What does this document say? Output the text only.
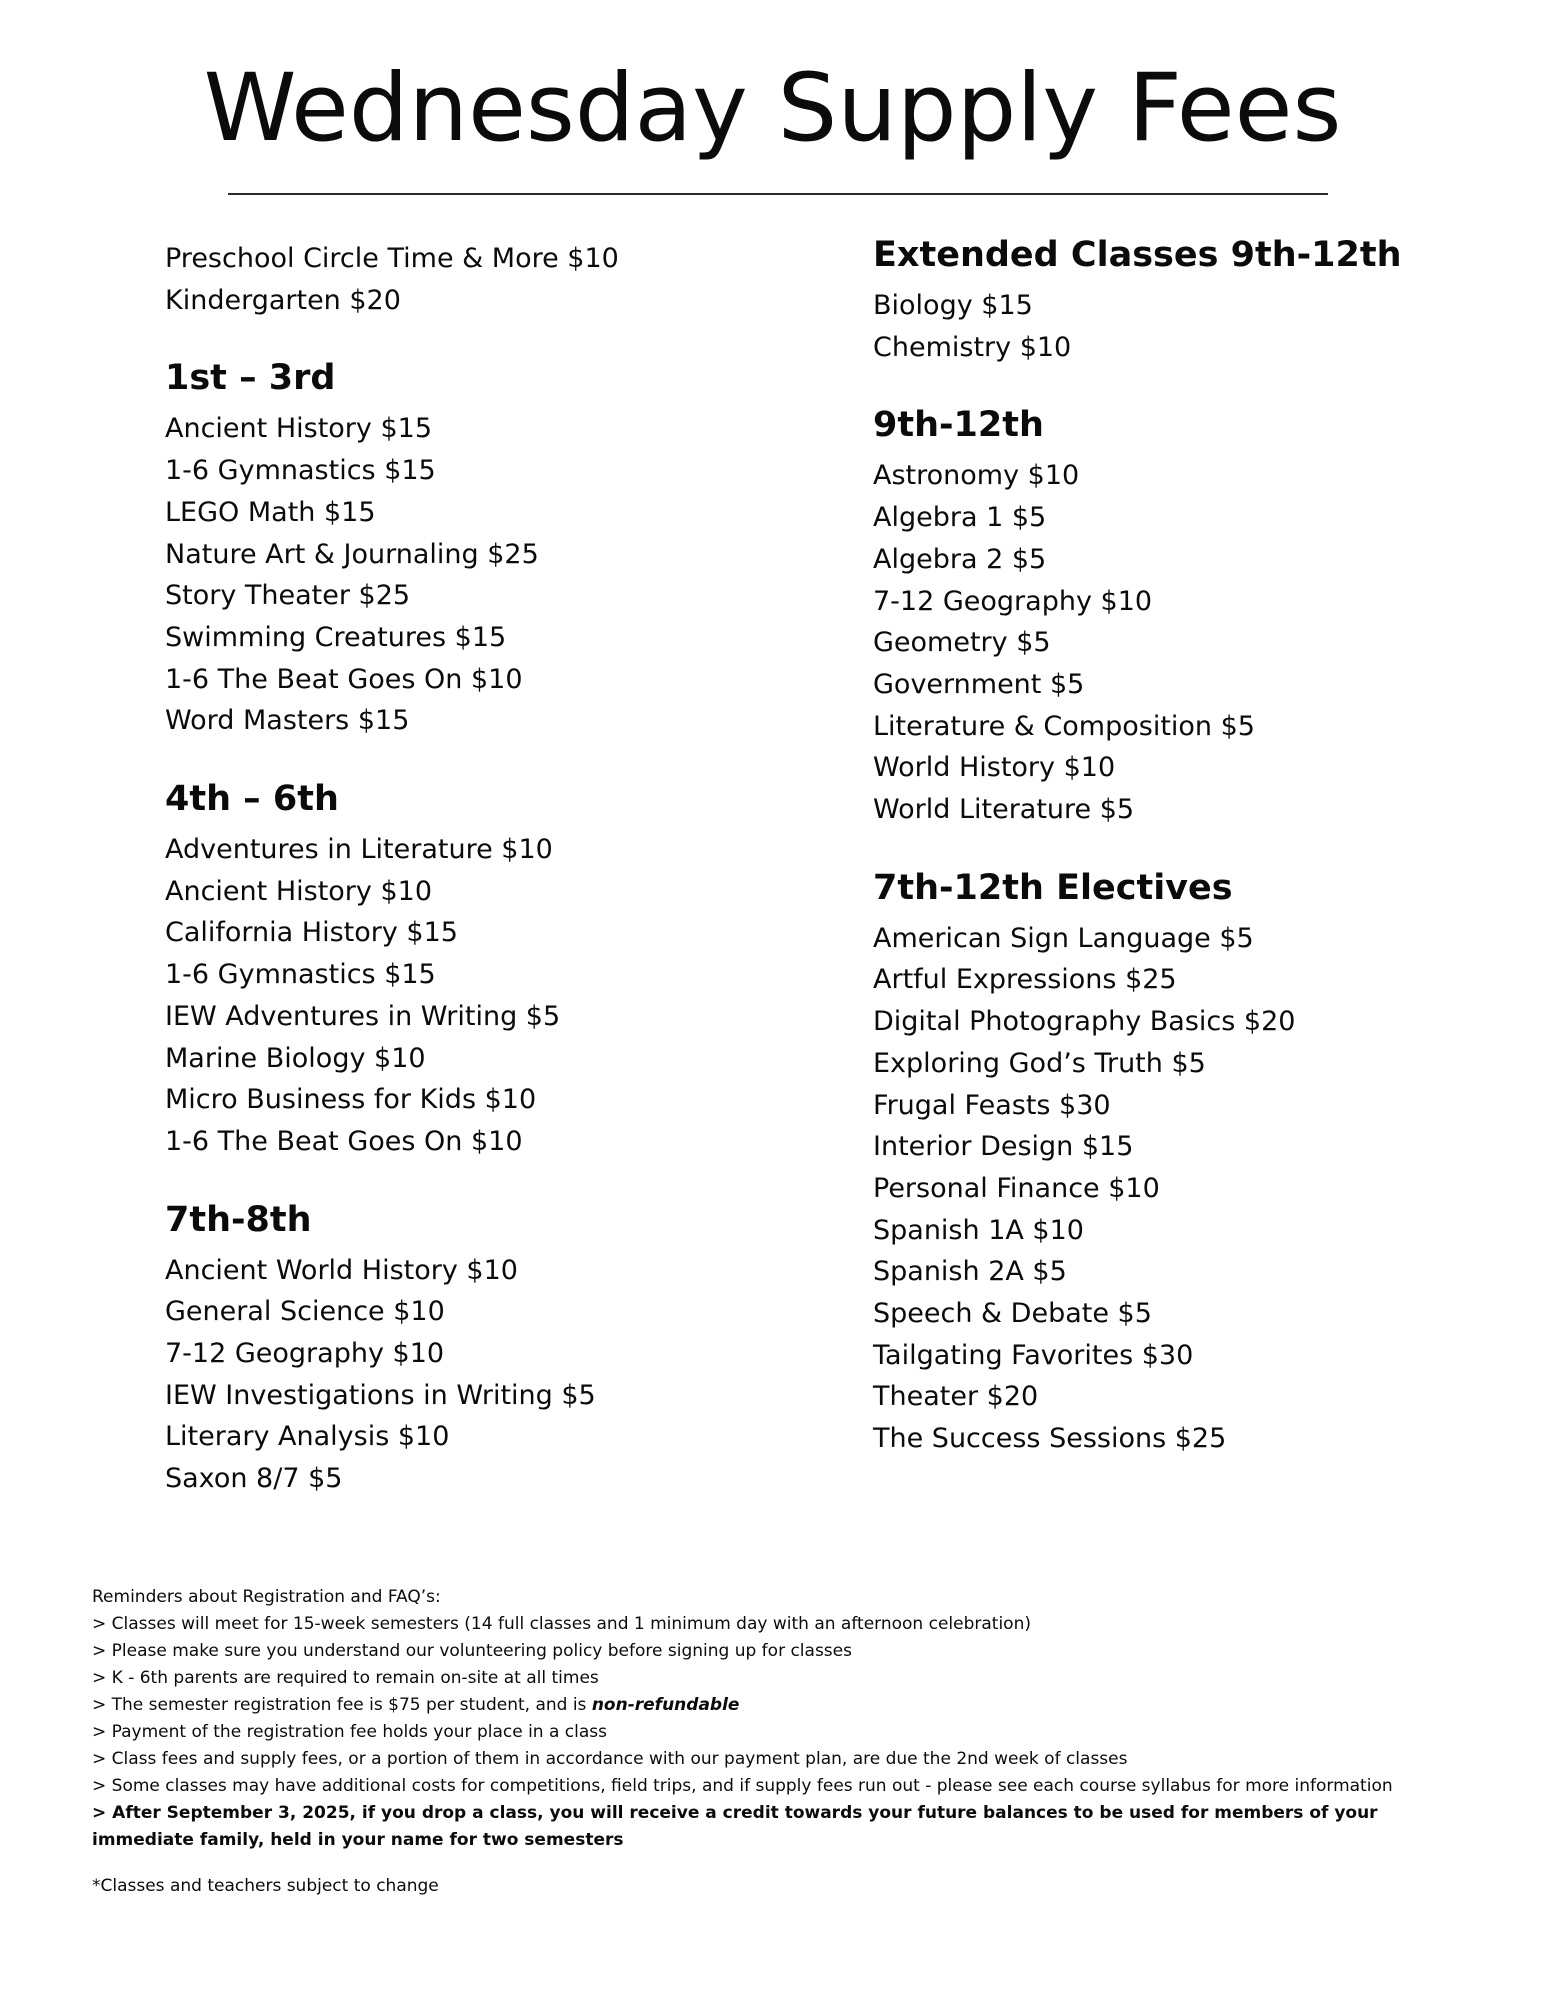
Wednesday Supply Fees
Preschool Circle Time & More $10
Kindergarten $20
1st – 3rd
Ancient History $15
1-6 Gymnastics $15
LEGO Math $15
Nature Art & Journaling $25
Story Theater $25
Swimming Creatures $15
1-6 The Beat Goes On $10
Word Masters $15
4th – 6th
Adventures in Literature $10
Ancient History $10
California History $15
1-6 Gymnastics $15
IEW Adventures in Writing $5
Marine Biology $10
Micro Business for Kids $10
1-6 The Beat Goes On $10
7th-8th
Ancient World History $10
General Science $10
7-12 Geography $10
IEW Investigations in Writing $5
Literary Analysis $10
Saxon 8/7 $5
Extended Classes 9th-12th
Biology $15
Chemistry $10
9th-12th
Astronomy $10
Algebra 1 $5
Algebra 2 $5
7-12 Geography $10
Geometry $5
Government $5
Literature & Composition $5
World History $10
World Literature $5
7th-12th Electives
American Sign Language $5
Artful Expressions $25
Digital Photography Basics $20
Exploring God’s Truth $5
Frugal Feasts $30
Interior Design $15
Personal Finance $10
Spanish 1A $10
Spanish 2A $5
Speech & Debate $5
Tailgating Favorites $30
Theater $20
The Success Sessions $25
Reminders about Registration and FAQ’s:
> Classes will meet for 15-week semesters (14 full classes and 1 minimum day with an afternoon celebration)
> Please make sure you understand our volunteering policy before signing up for classes
> K - 6th parents are required to remain on-site at all times
> The semester registration fee is $75 per student, and is non-refundable
> Payment of the registration fee holds your place in a class
> Class fees and supply fees, or a portion of them in accordance with our payment plan, are due the 2nd week of classes
> Some classes may have additional costs for competitions, field trips, and if supply fees run out - please see each course syllabus for more information
> After September 3, 2025, if you drop a class, you will receive a credit towards your future balances to be used for members of your immediate family, held in your name for two semesters
*Classes and teachers subject to change
